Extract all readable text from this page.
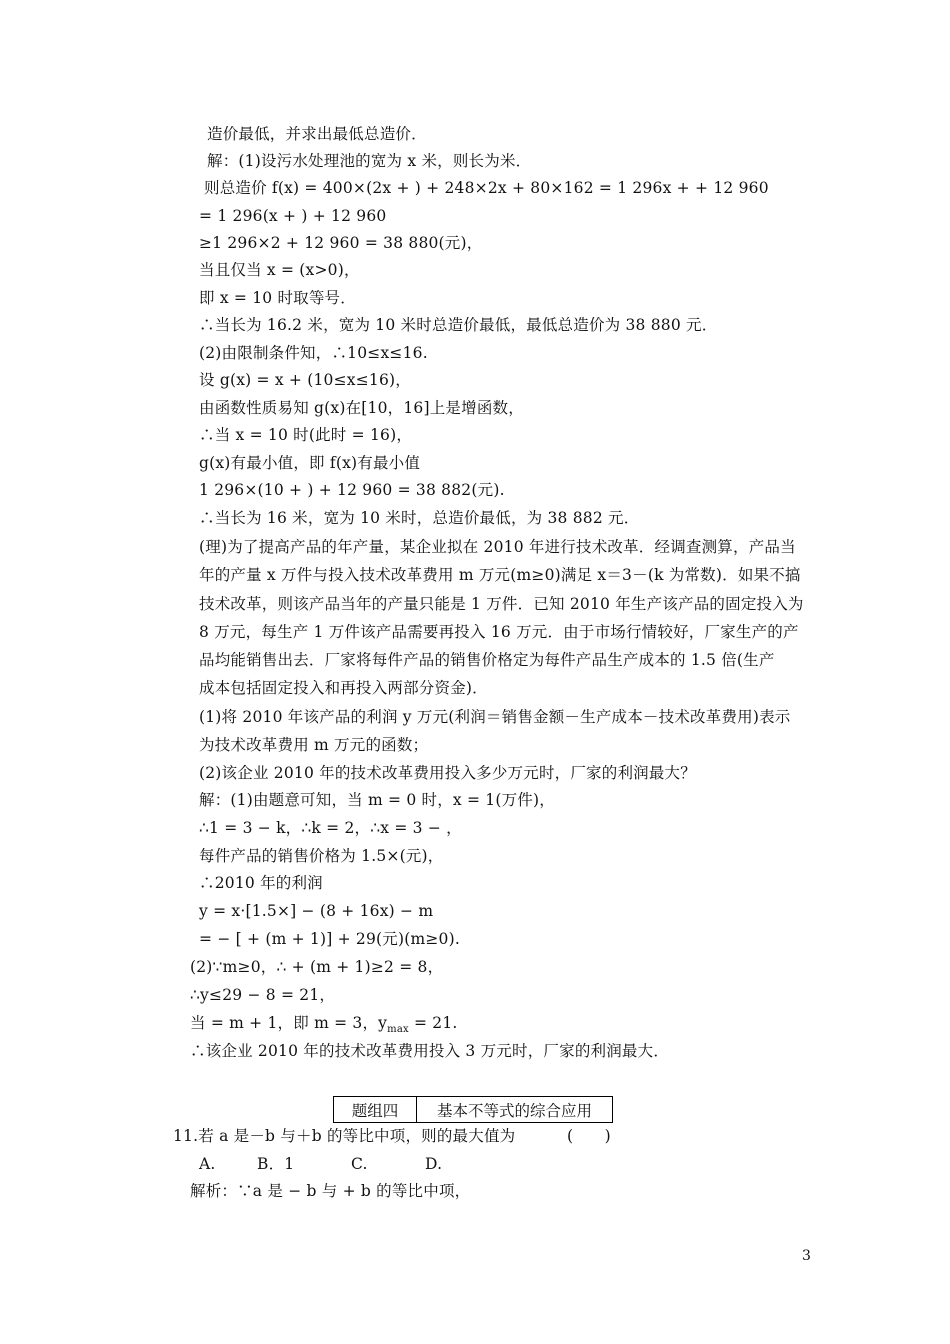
造价最低，并求出最低总造价．
解：(1)设污水处理池的宽为 x 米，则长为米．
则总造价 f(x) = 400×(2x + ) + 248×2x + 80×162 = 1 296x + + 12 960
= 1 296(x + ) + 12 960
≥1 296×2 + 12 960 = 38 880(元)，
当且仅当 x = (x>0)，
即 x = 10 时取等号．
∴当长为 16.2 米，宽为 10 米时总造价最低，最低总造价为 38 880 元．
(2)由限制条件知，∴10≤x≤16.
设 g(x) = x + (10≤x≤16)，
由函数性质易知 g(x)在[10，16]上是增函数，
∴当 x = 10 时(此时 = 16)，
g(x)有最小值，即 f(x)有最小值
1 296×(10 + ) + 12 960 = 38 882(元).
∴当长为 16 米，宽为 10 米时，总造价最低，为 38 882 元．
(理)为了提高产品的年产量，某企业拟在 2010 年进行技术改革．经调查测算，产品当
年的产量 x 万件与投入技术改革费用 m 万元(m≥0)满足 x＝3－(k 为常数)．如果不搞
技术改革，则该产品当年的产量只能是 1 万件．已知 2010 年生产该产品的固定投入为
8 万元，每生产 1 万件该产品需要再投入 16 万元．由于市场行情较好，厂家生产的产
品均能销售出去．厂家将每件产品的销售价格定为每件产品生产成本的 1.5 倍(生产
成本包括固定投入和再投入两部分资金)．
(1)将 2010 年该产品的利润 y 万元(利润＝销售金额－生产成本－技术改革费用)表示
为技术改革费用 m 万元的函数；
(2)该企业 2010 年的技术改革费用投入多少万元时，厂家的利润最大？
解：(1)由题意可知，当 m = 0 时，x = 1(万件)，
∴1 = 3 − k，∴k = 2，∴x = 3 − ，
每件产品的销售价格为 1.5×(元)，
∴2010 年的利润
y = x·[1.5×] − (8 + 16x) − m
= − [ + (m + 1)] + 29(元)(m≥0).
(2)∵m≥0，∴ + (m + 1)≥2 = 8，
∴y≤29 − 8 = 21，
当 = m + 1，即 m = 3，$y_{max} = 21$.
∴该企业 2010 年的技术改革费用投入 3 万元时，厂家的利润最大．
题组四	基本不等式的综合应用
11.若 a 是－b 与＋b 的等比中项，则的最大值为	(　　)
A.	B．1	C.	D.
解析：∵a 是 − b 与 + b 的等比中项，
3
